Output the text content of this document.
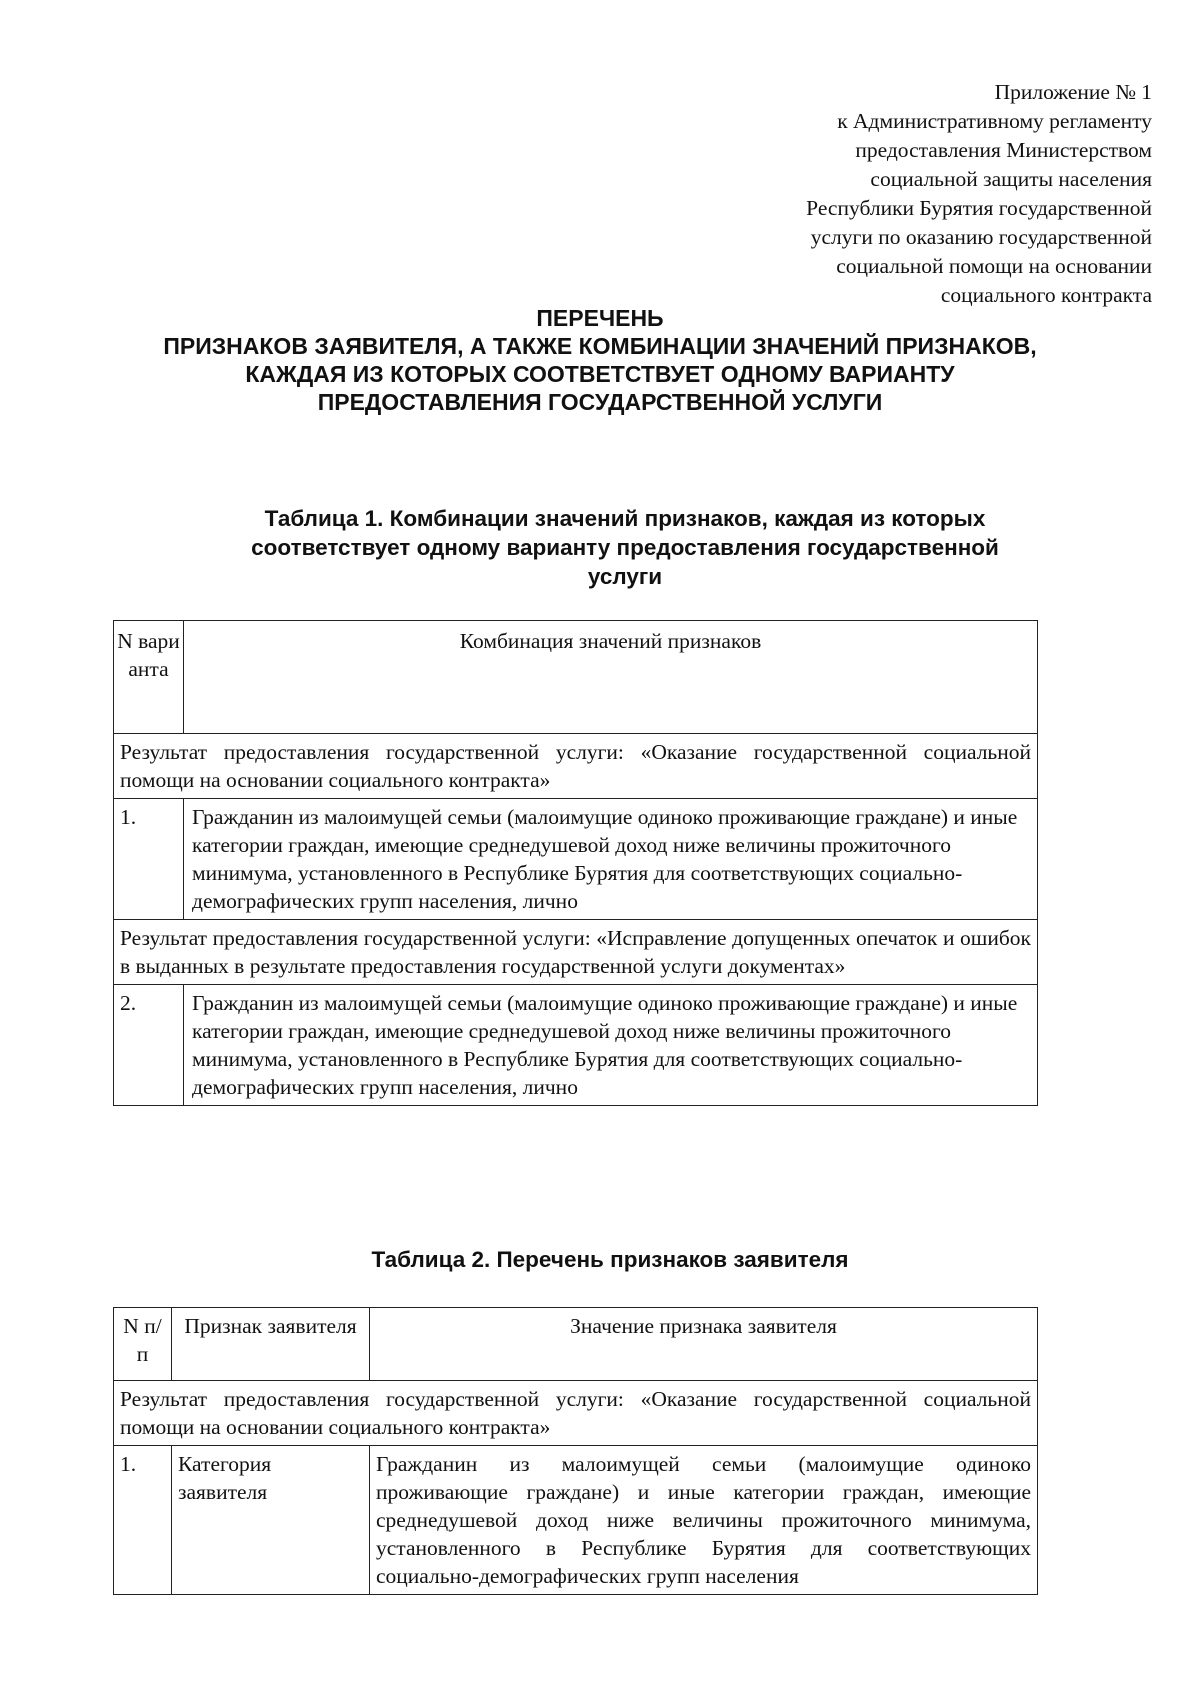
Приложение № 1
к Административному регламенту
предоставления Министерством
социальной защиты населения
Республики Бурятия государственной
услуги по оказанию государственной
социальной помощи на основании
социального контракта
ПЕРЕЧЕНЬ
ПРИЗНАКОВ ЗАЯВИТЕЛЯ, А ТАКЖЕ КОМБИНАЦИИ ЗНАЧЕНИЙ ПРИЗНАКОВ,
КАЖДАЯ ИЗ КОТОРЫХ СООТВЕТСТВУЕТ ОДНОМУ ВАРИАНТУ
ПРЕДОСТАВЛЕНИЯ ГОСУДАРСТВЕННОЙ УСЛУГИ
Таблица 1. Комбинации значений признаков, каждая из которых
соответствует одному варианту предоставления государственной
услуги
N варианта	Комбинация значений признаков
Результат предоставления государственной услуги: «Оказание государственной социальной помощи на основании социального контракта»	
1.	Гражданин из малоимущей семьи (малоимущие одиноко проживающие граждане) и иные категории граждан, имеющие среднедушевой доход ниже величины прожиточного минимума, установленного в Республике Бурятия для соответствующих социально-демографических групп населения, лично
Результат предоставления государственной услуги: «Исправление допущенных опечаток и ошибок в выданных в результате предоставления государственной услуги документах»	
2.	Гражданин из малоимущей семьи (малоимущие одиноко проживающие граждане) и иные категории граждан, имеющие среднедушевой доход ниже величины прожиточного минимума, установленного в Республике Бурятия для соответствующих социально-демографических групп населения, лично
Таблица 2. Перечень признаков заявителя
N п/п	Признак заявителя	Значение признака заявителя
Результат предоставления государственной услуги: «Оказание государственной социальной помощи на основании социального контракта»		
1.	Категория заявителя	Гражданин из малоимущей семьи (малоимущие одиноко проживающие граждане) и иные категории граждан, имеющие среднедушевой доход ниже величины прожиточного минимума, установленного в Республике Бурятия для соответствующих социально-демографических групп населения
